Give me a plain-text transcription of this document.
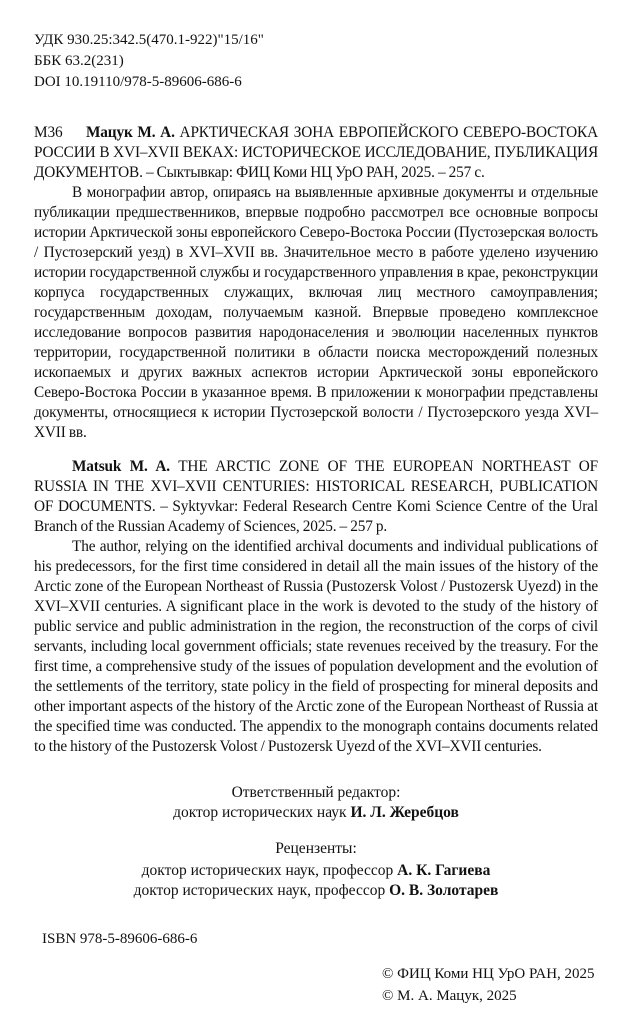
УДК 930.25:342.5(470.1-922)"15/16"
ББК 63.2(231)
DOI 10.19110/978-5-89606-686-6

М36 Мацук М. А. АРКТИЧЕСКАЯ ЗОНА ЕВРОПЕЙСКОГО СЕВЕРО-ВОСТОКА РОССИИ В XVI–XVII ВЕКАХ: ИСТОРИЧЕСКОЕ ИССЛЕДОВАНИЕ, ПУБЛИКАЦИЯ ДОКУМЕНТОВ. – Сыктывкар: ФИЦ Коми НЦ УрО РАН, 2025. – 257 с.

В монографии автор, опираясь на выявленные архивные документы и отдельные публикации предшественников, впервые подробно рассмотрел все основные вопросы истории Арктической зоны европейского Северо-Востока России (Пустозерская волость / Пустозерский уезд) в XVI–XVII вв. Значительное место в работе уделено изучению истории государственной службы и государственного управления в крае, реконструкции корпуса государственных служащих, включая лиц местного самоуправления; государственным доходам, получаемым казной. Впервые проведено комплексное исследование вопросов развития народонаселения и эволюции населенных пунктов территории, государственной политики в области поиска месторождений полезных ископаемых и других важных аспектов истории Арктической зоны европейского Северо-Востока России в указанное время. В приложении к монографии представлены документы, относящиеся к истории Пустозерской волости / Пустозерского уезда XVI–XVII вв.

Matsuk M. A. THE ARCTIC ZONE OF THE EUROPEAN NORTHEAST OF RUSSIA IN THE XVI–XVII CENTURIES: HISTORICAL RESEARCH, PUBLICATION OF DOCUMENTS. – Syktyvkar: Federal Research Centre Komi Science Centre of the Ural Branch of the Russian Academy of Sciences, 2025. – 257 p.

The author, relying on the identified archival documents and individual publications of his predecessors, for the first time considered in detail all the main issues of the history of the Arctic zone of the European Northeast of Russia (Pustozersk Volost / Pustozersk Uyezd) in the XVI–XVII centuries. A significant place in the work is devoted to the study of the history of public service and public administration in the region, the reconstruction of the corps of civil servants, including local government officials; state revenues received by the treasury. For the first time, a comprehensive study of the issues of population development and the evolution of the settlements of the territory, state policy in the field of prospecting for mineral deposits and other important aspects of the history of the Arctic zone of the European Northeast of Russia at the specified time was conducted. The appendix to the monograph contains documents related to the history of the Pustozersk Volost / Pustozersk Uyezd of the XVI–XVII centuries.

Ответственный редактор:
доктор исторических наук И. Л. Жеребцов
Рецензенты:
доктор исторических наук, профессор А. К. Гагиева
доктор исторических наук, профессор О. В. Золотарев
ISBN 978-5-89606-686-6
© ФИЦ Коми НЦ УрО РАН, 2025
© М. А. Мацук, 2025
